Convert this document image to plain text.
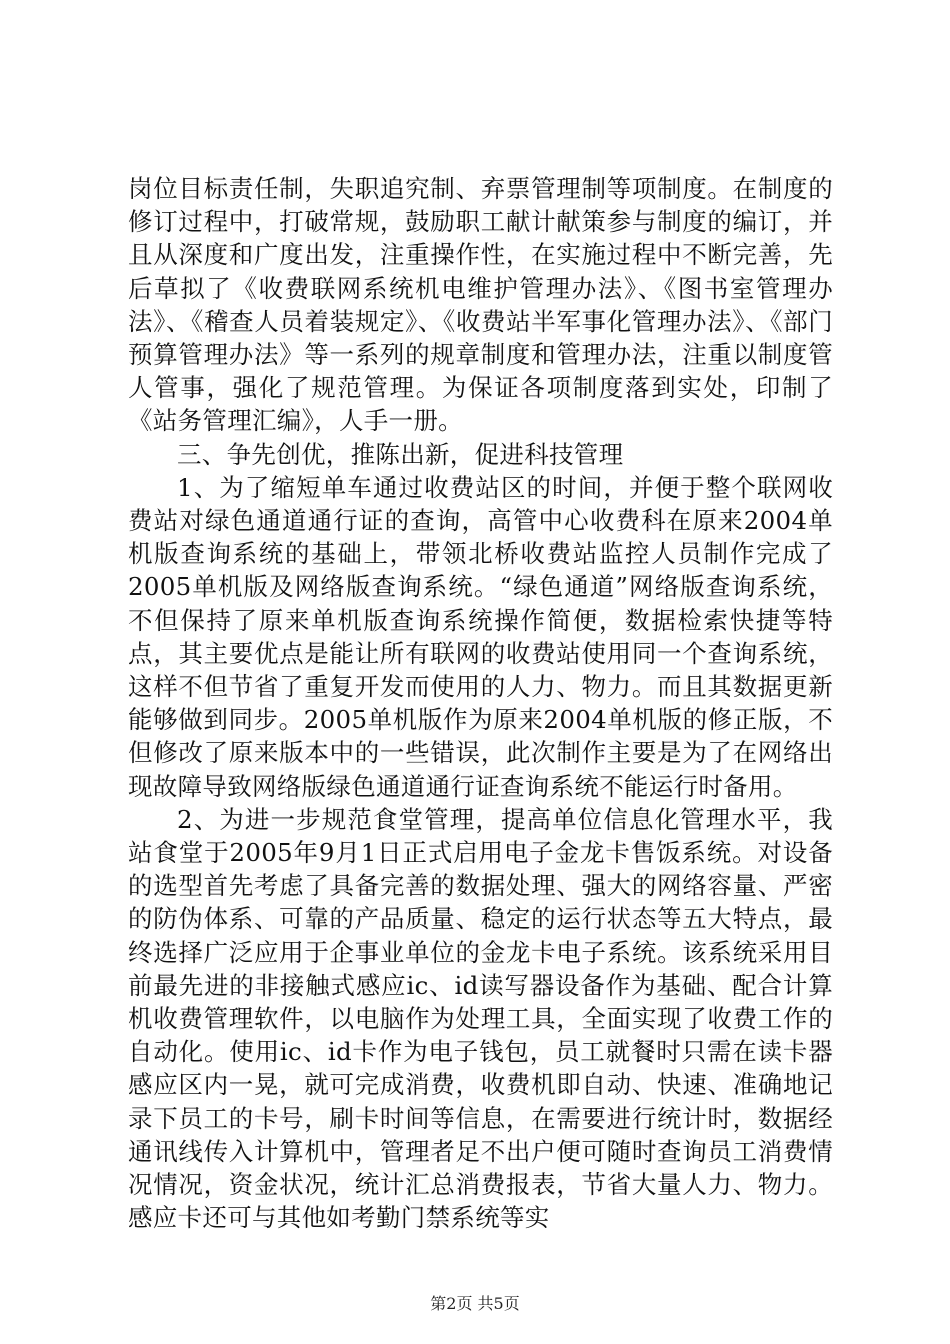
岗位目标责任制，失职追究制、弃票管理制等项制度。在制度的修订过程中，打破常规，鼓励职工献计献策参与制度的编订，并且从深度和广度出发，注重操作性，在实施过程中不断完善，先后草拟了《收费联网系统机电维护管理办法》、《图书室管理办法》、《稽查人员着装规定》、《收费站半军事化管理办法》、《部门预算管理办法》等一系列的规章制度和管理办法，注重以制度管人管事，强化了规范管理。为保证各项制度落到实处，印制了《站务管理汇编》，人手一册。

三、争先创优，推陈出新，促进科技管理

1、为了缩短单车通过收费站区的时间，并便于整个联网收费站对绿色通道通行证的查询，高管中心收费科在原来2004单机版查询系统的基础上，带领北桥收费站监控人员制作完成了2005单机版及网络版查询系统。“绿色通道”网络版查询系统，不但保持了原来单机版查询系统操作简便，数据检索快捷等特点，其主要优点是能让所有联网的收费站使用同一个查询系统，这样不但节省了重复开发而使用的人力、物力。而且其数据更新能够做到同步。2005单机版作为原来2004单机版的修正版，不但修改了原来版本中的一些错误，此次制作主要是为了在网络出现故障导致网络版绿色通道通行证查询系统不能运行时备用。

2、为进一步规范食堂管理，提高单位信息化管理水平，我站食堂于2005年9月1日正式启用电子金龙卡售饭系统。对设备的选型首先考虑了具备完善的数据处理、强大的网络容量、严密的防伪体系、可靠的产品质量、稳定的运行状态等五大特点，最终选择广泛应用于企事业单位的金龙卡电子系统。该系统采用目前最先进的非接触式感应ic、id读写器设备作为基础、配合计算机收费管理软件，以电脑作为处理工具，全面实现了收费工作的自动化。使用ic、id卡作为电子钱包，员工就餐时只需在读卡器感应区内一晃，就可完成消费，收费机即自动、快速、准确地记录下员工的卡号，刷卡时间等信息，在需要进行统计时，数据经通讯线传入计算机中，管理者足不出户便可随时查询员工消费情况情况，资金状况，统计汇总消费报表，节省大量人力、物力。感应卡还可与其他如考勤门禁系统等实

第2页 共5页
